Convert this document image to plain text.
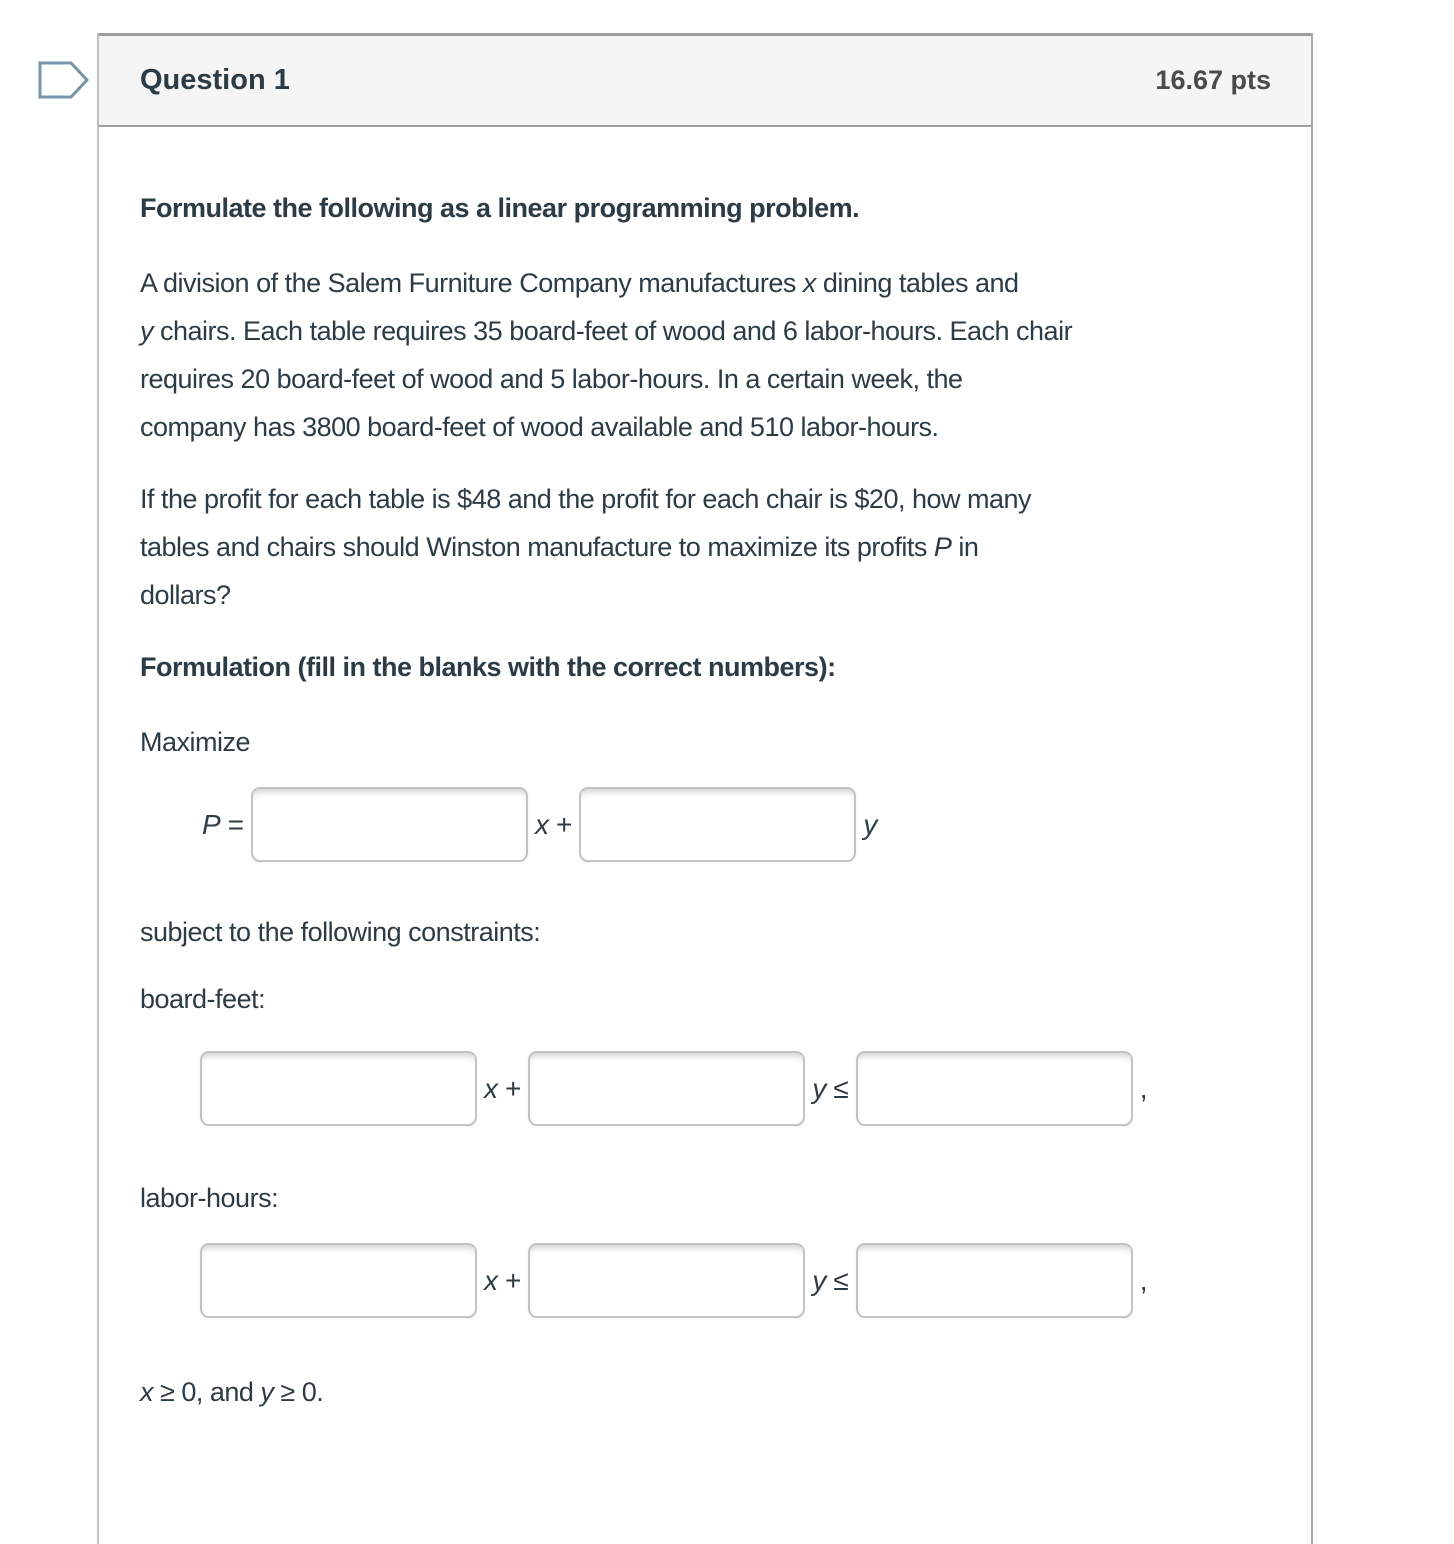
Question 1	16.67 pts

Formulate the following as a linear programming problem.

A division of the Salem Furniture Company manufactures x dining tables and
y chairs. Each table requires 35 board-feet of wood and 6 labor-hours. Each chair
requires 20 board-feet of wood and 5 labor-hours. In a certain week, the
company has 3800 board-feet of wood available and 510 labor-hours.

If the profit for each table is $48 and the profit for each chair is $20, how many
tables and chairs should Winston manufacture to maximize its profits P in
dollars?

Formulation (fill in the blanks with the correct numbers):

Maximize

P =	x +	y

subject to the following constraints:

board-feet:

x +	y ≤	,

labor-hours:

x +	y ≤	,

x ≥ 0, and y ≥ 0.
